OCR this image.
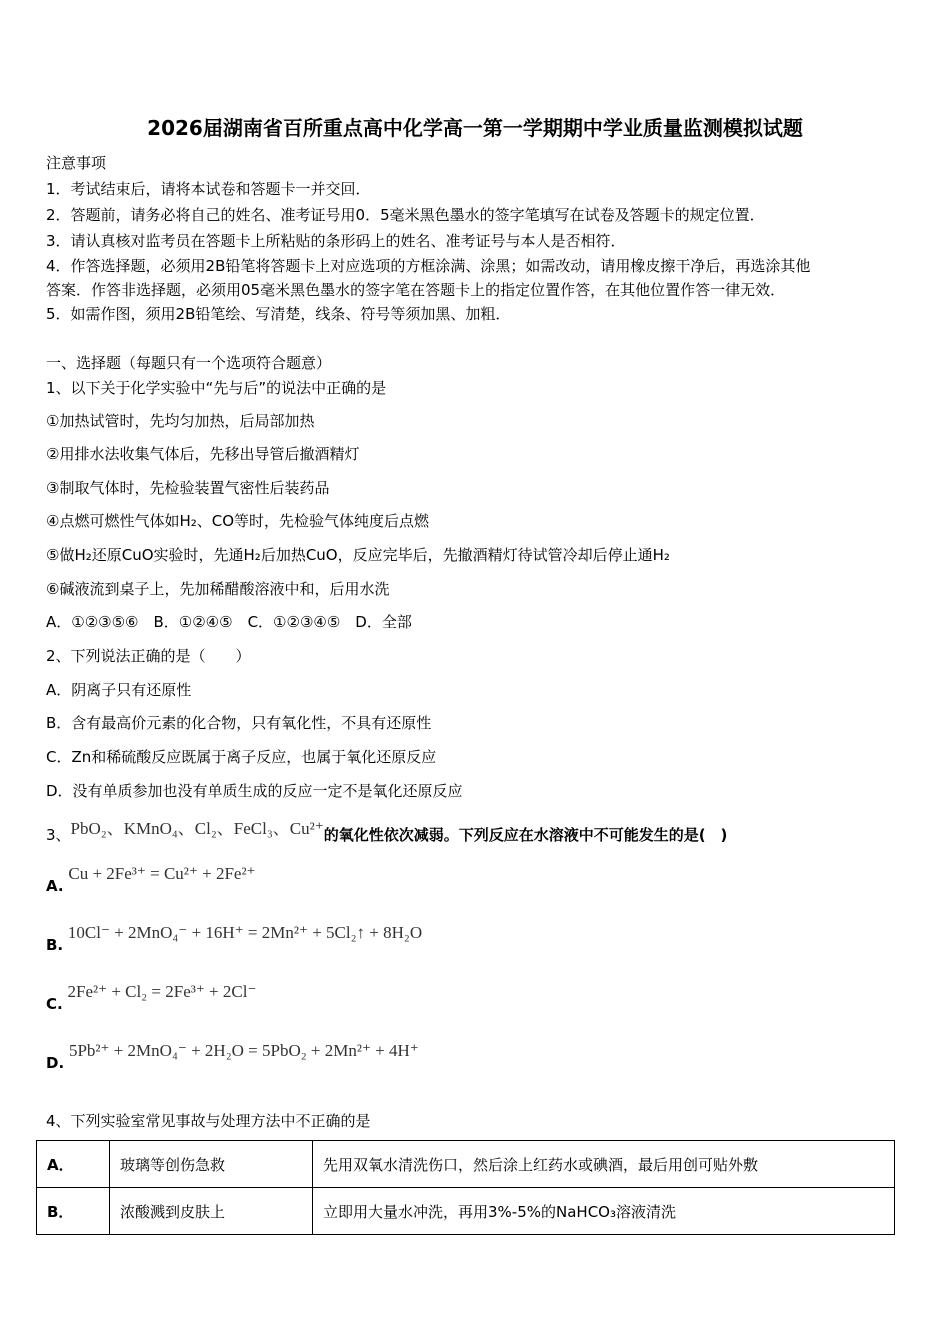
2026届湖南省百所重点高中化学高一第一学期期中学业质量监测模拟试题
注意事项
1．考试结束后，请将本试卷和答题卡一并交回．
2．答题前，请务必将自己的姓名、准考证号用0．5毫米黑色墨水的签字笔填写在试卷及答题卡的规定位置．
3．请认真核对监考员在答题卡上所粘贴的条形码上的姓名、准考证号与本人是否相符．
4．作答选择题，必须用2B铅笔将答题卡上对应选项的方框涂满、涂黑；如需改动，请用橡皮擦干净后，再选涂其他
答案．作答非选择题，必须用05毫米黑色墨水的签字笔在答题卡上的指定位置作答，在其他位置作答一律无效．
5．如需作图，须用2B铅笔绘、写清楚，线条、符号等须加黑、加粗．
一、选择题（每题只有一个选项符合题意）
1、以下关于化学实验中“先与后”的说法中正确的是
①加热试管时，先均匀加热，后局部加热
②用排水法收集气体后，先移出导管后撤酒精灯
③制取气体时，先检验装置气密性后装药品
④点燃可燃性气体如H₂、CO等时，先检验气体纯度后点燃
⑤做H₂还原CuO实验时，先通H₂后加热CuO，反应完毕后，先撤酒精灯待试管冷却后停止通H₂
⑥碱液流到桌子上，先加稀醋酸溶液中和，后用水洗
A．①②③⑤⑥　B．①②④⑤　C．①②③④⑤　D．全部
2、下列说法正确的是（　　）
A．阴离子只有还原性
B．含有最高价元素的化合物，只有氧化性，不具有还原性
C．Zn和稀硫酸反应既属于离子反应，也属于氧化还原反应
D．没有单质参加也没有单质生成的反应一定不是氧化还原反应
3、PbO₂、KMnO₄、Cl₂、FeCl₃、Cu²⁺的氧化性依次减弱。下列反应在水溶液中不可能发生的是(　)
A. Cu + 2Fe³⁺ = Cu²⁺ + 2Fe²⁺
B. 10Cl⁻ + 2MnO₄⁻ + 16H⁺ = 2Mn²⁺ + 5Cl₂↑ + 8H₂O
C. 2Fe²⁺ + Cl₂ = 2Fe³⁺ + 2Cl⁻
D. 5Pb²⁺ + 2MnO₄⁻ + 2H₂O = 5PbO₂ + 2Mn²⁺ + 4H⁺
4、下列实验室常见事故与处理方法中不正确的是
A．	玻璃等创伤急救	先用双氧水清洗伤口，然后涂上红药水或碘酒，最后用创可贴外敷
B．	浓酸溅到皮肤上	立即用大量水冲洗，再用3%-5%的NaHCO₃溶液清洗
